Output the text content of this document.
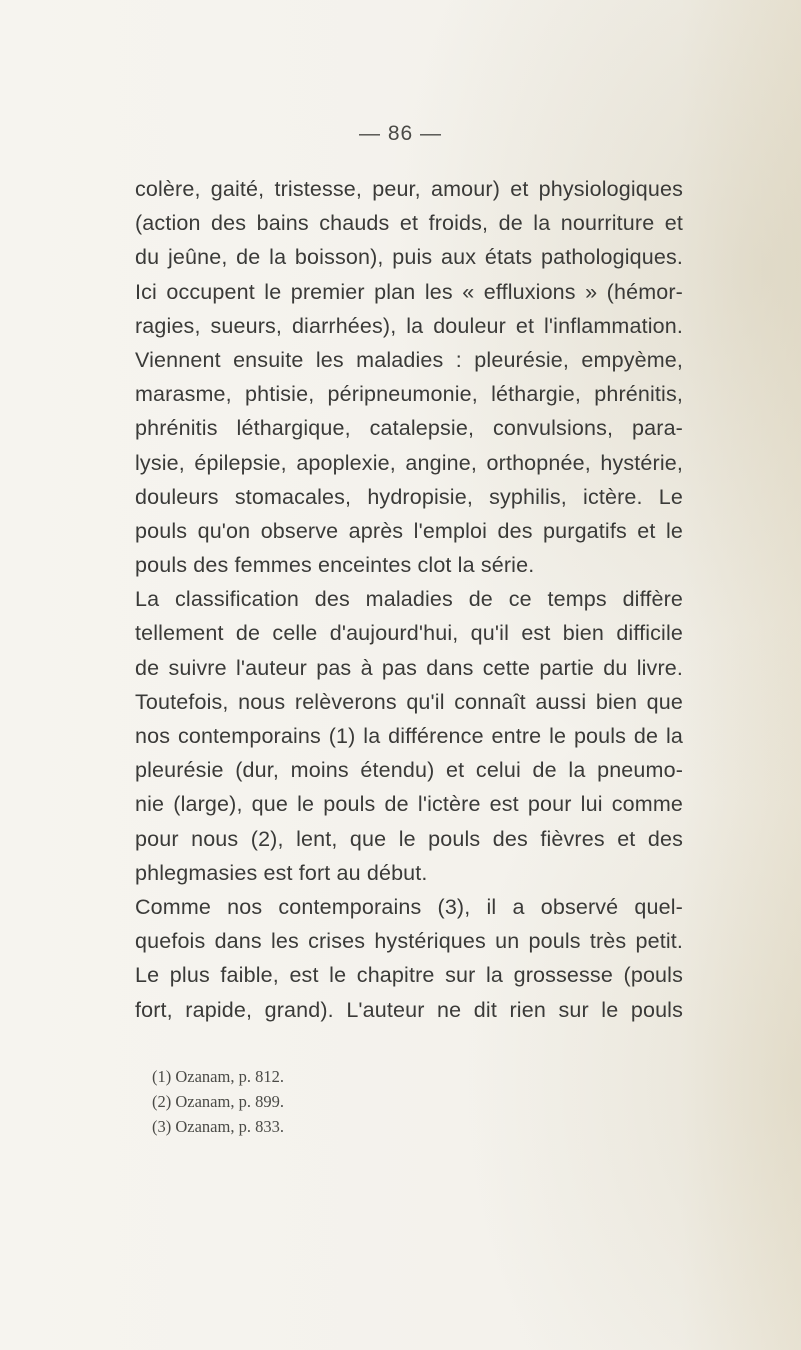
— 86 —
colère, gaité, tristesse, peur, amour) et physiologiques
(action des bains chauds et froids, de la nourriture et
du jeûne, de la boisson), puis aux états pathologiques.
Ici occupent le premier plan les « effluxions » (hémor-
ragies, sueurs, diarrhées), la douleur et l'inflammation.
Viennent ensuite les maladies : pleurésie, empyème,
marasme, phtisie, péripneumonie, léthargie, phrénitis,
phrénitis léthargique, catalepsie, convulsions, para-
lysie, épilepsie, apoplexie, angine, orthopnée, hystérie,
douleurs stomacales, hydropisie, syphilis, ictère. Le
pouls qu'on observe après l'emploi des purgatifs et le
pouls des femmes enceintes clot la série.
La classification des maladies de ce temps diffère
tellement de celle d'aujourd'hui, qu'il est bien difficile
de suivre l'auteur pas à pas dans cette partie du livre.
Toutefois, nous relèverons qu'il connaît aussi bien que
nos contemporains (1) la différence entre le pouls de la
pleurésie (dur, moins étendu) et celui de la pneumo-
nie (large), que le pouls de l'ictère est pour lui comme
pour nous (2), lent, que le pouls des fièvres et des
phlegmasies est fort au début.
Comme nos contemporains (3), il a observé quel-
quefois dans les crises hystériques un pouls très petit.
Le plus faible, est le chapitre sur la grossesse (pouls
fort, rapide, grand). L'auteur ne dit rien sur le pouls
(1) Ozanam, p. 812.
(2) Ozanam, p. 899.
(3) Ozanam, p. 833.
